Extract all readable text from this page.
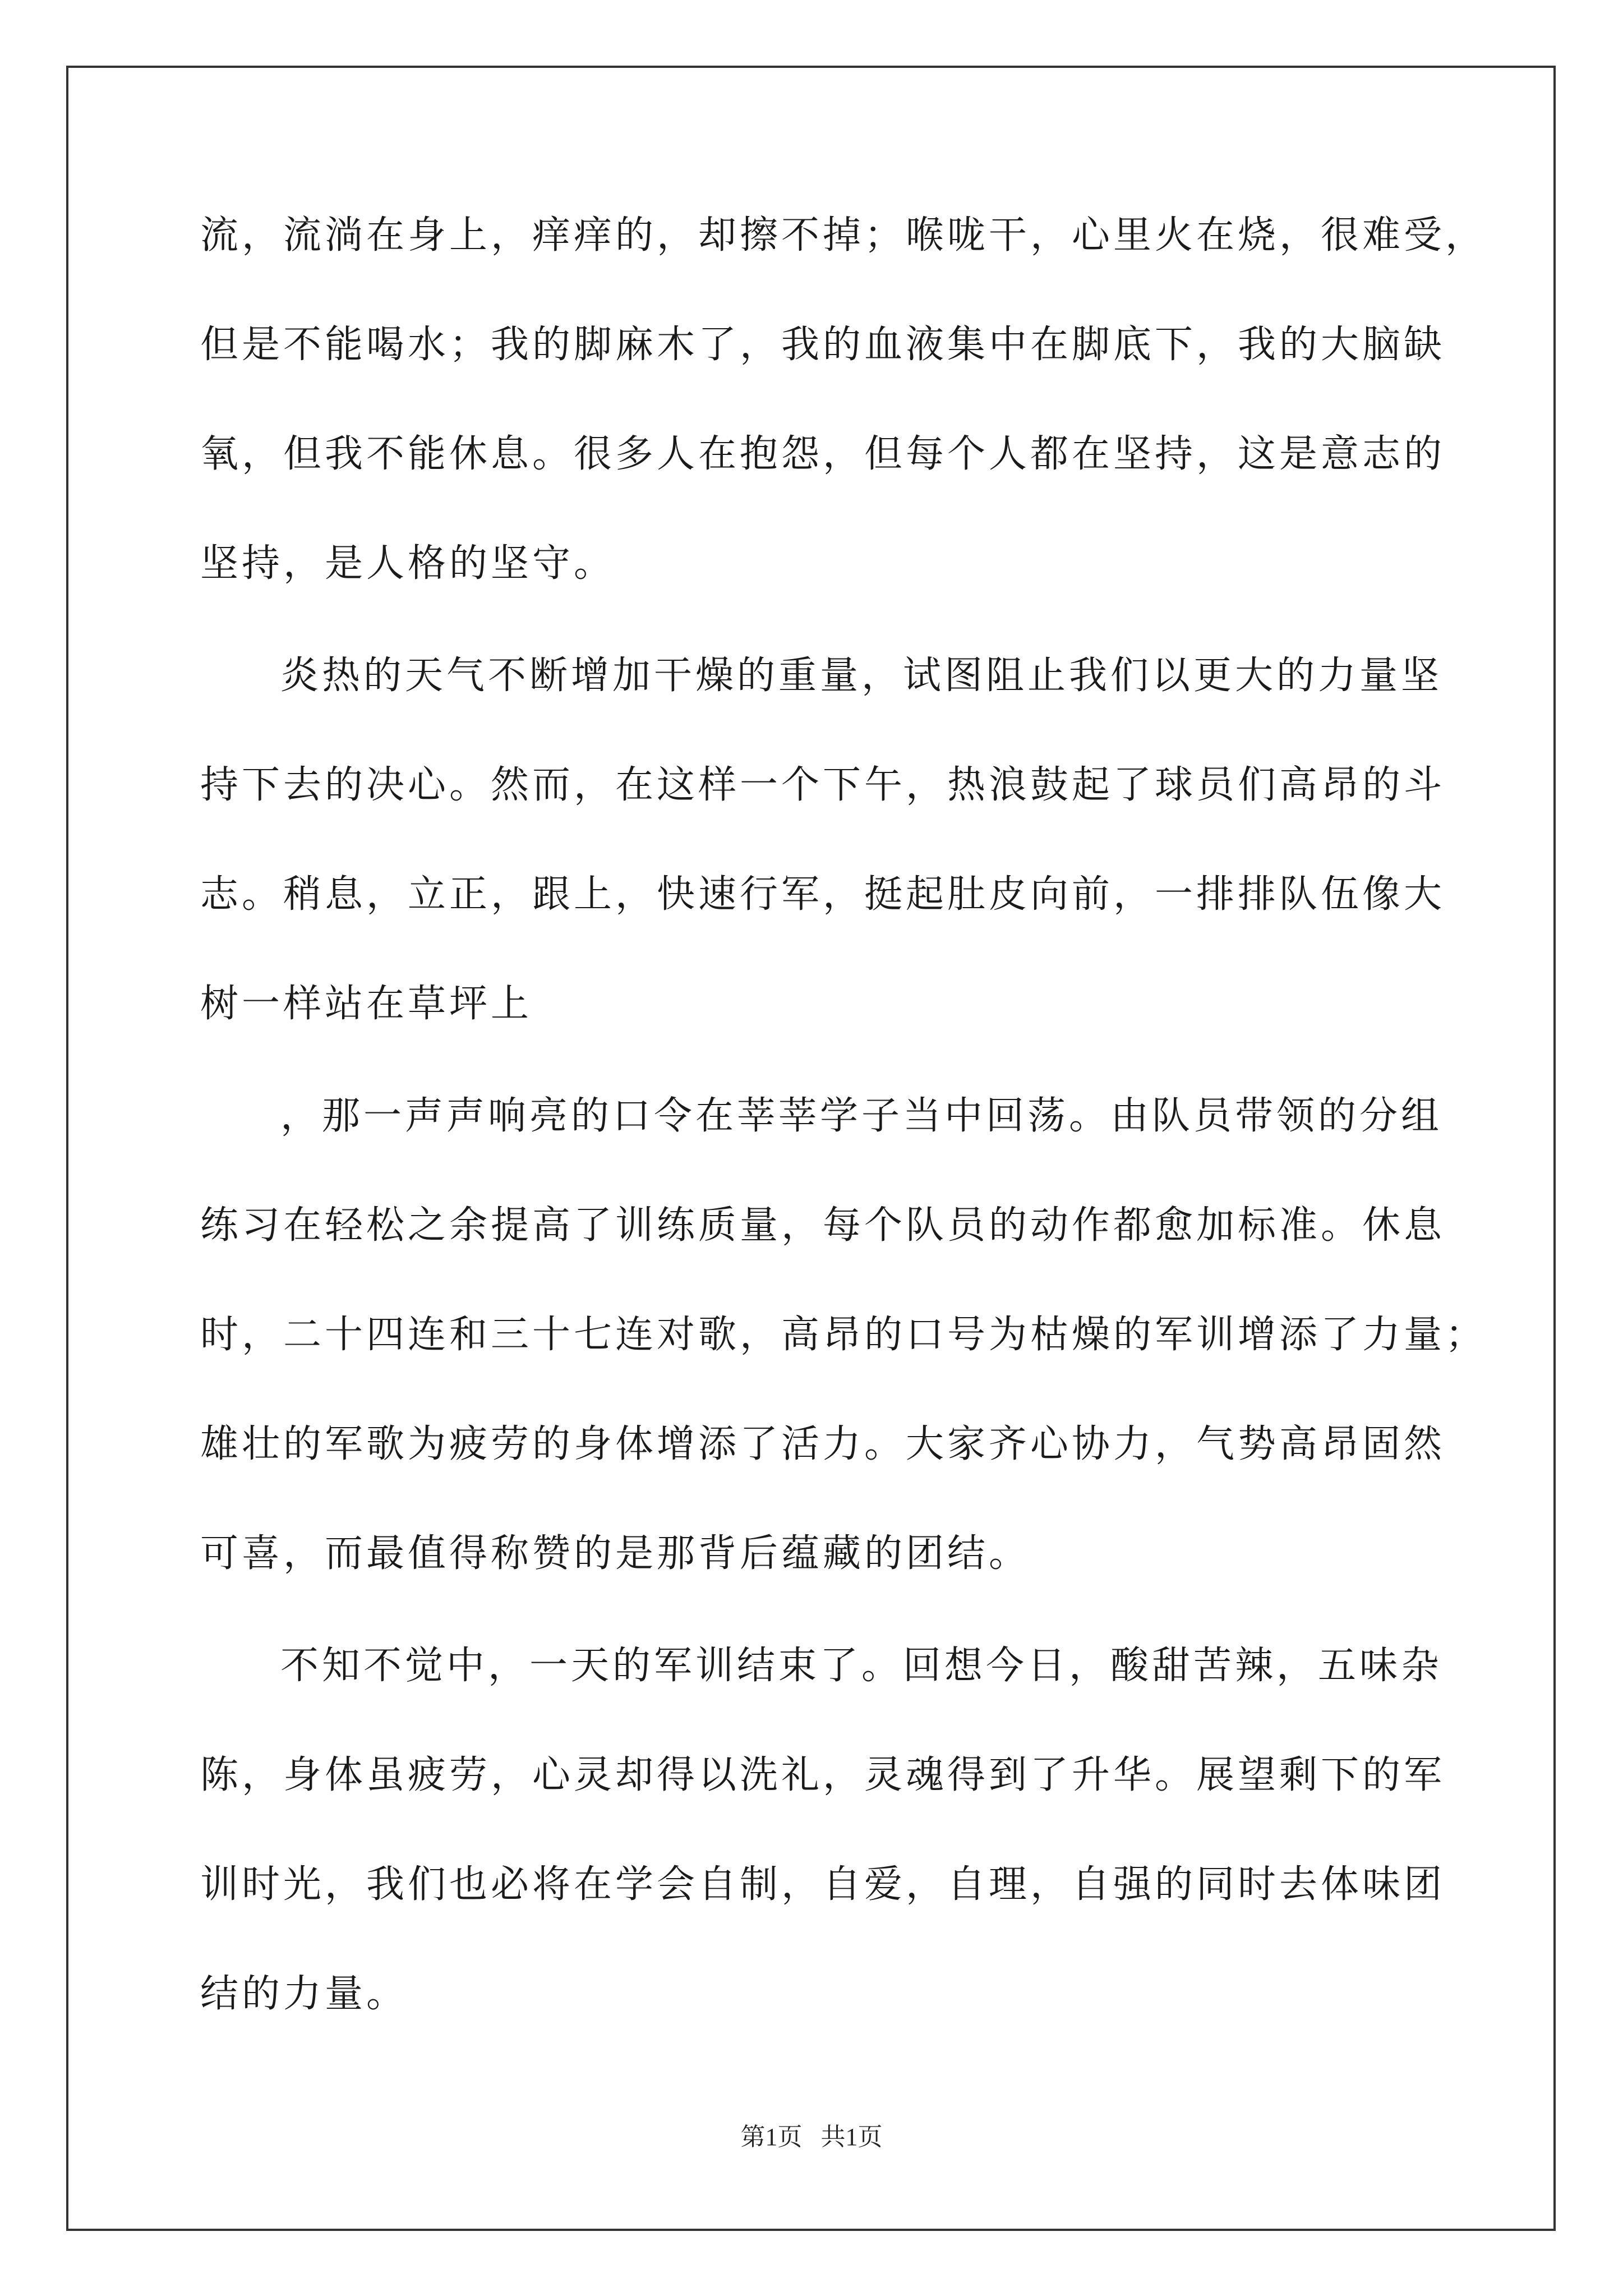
流，流淌在身上，痒痒的，却擦不掉；喉咙干，心里火在烧，很难受，
但是不能喝水；我的脚麻木了，我的血液集中在脚底下，我的大脑缺
氧，但我不能休息。很多人在抱怨，但每个人都在坚持，这是意志的
坚持，是人格的坚守。
炎热的天气不断增加干燥的重量，试图阻止我们以更大的力量坚
持下去的决心。然而，在这样一个下午，热浪鼓起了球员们高昂的斗
志。稍息，立正，跟上，快速行军，挺起肚皮向前，一排排队伍像大
树一样站在草坪上
，那一声声响亮的口令在莘莘学子当中回荡。由队员带领的分组
练习在轻松之余提高了训练质量，每个队员的动作都愈加标准。休息
时，二十四连和三十七连对歌，高昂的口号为枯燥的军训增添了力量；
雄壮的军歌为疲劳的身体增添了活力。大家齐心协力，气势高昂固然
可喜，而最值得称赞的是那背后蕴藏的团结。
不知不觉中，一天的军训结束了。回想今日，酸甜苦辣，五味杂
陈，身体虽疲劳，心灵却得以洗礼，灵魂得到了升华。展望剩下的军
训时光，我们也必将在学会自制，自爱，自理，自强的同时去体味团
结的力量。
第1页 共1页
